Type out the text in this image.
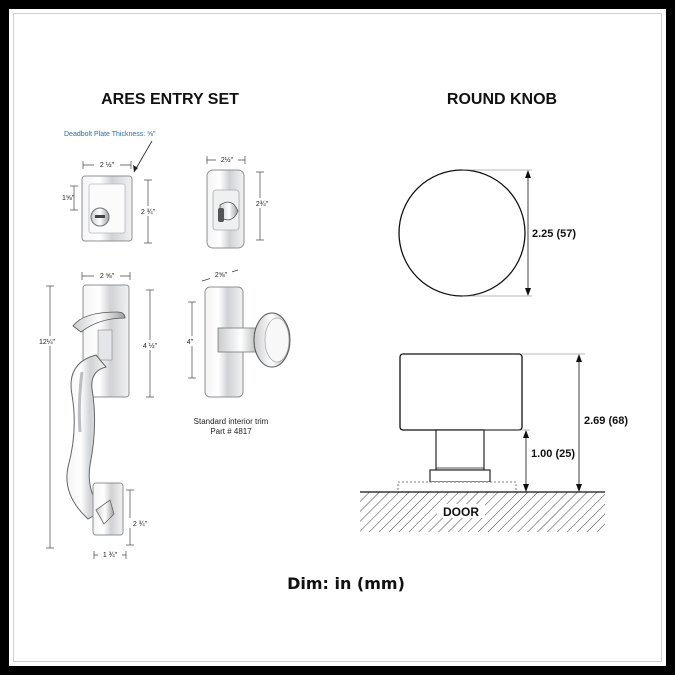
ARES ENTRY SET	ROUND KNOB
Deadbolt Plate Thickness: ⅝"
2 ½"
1⅝"
2 ¾"
2½"
2¾"
2 ⅝"
12¼"
4 ½"
2 ¾"
1 ¾"
2⅝"
4"
Standard interior trim
Part # 4817
2.25 (57)
DOOR
2.69 (68)
1.00 (25)
Dim: in (mm)
